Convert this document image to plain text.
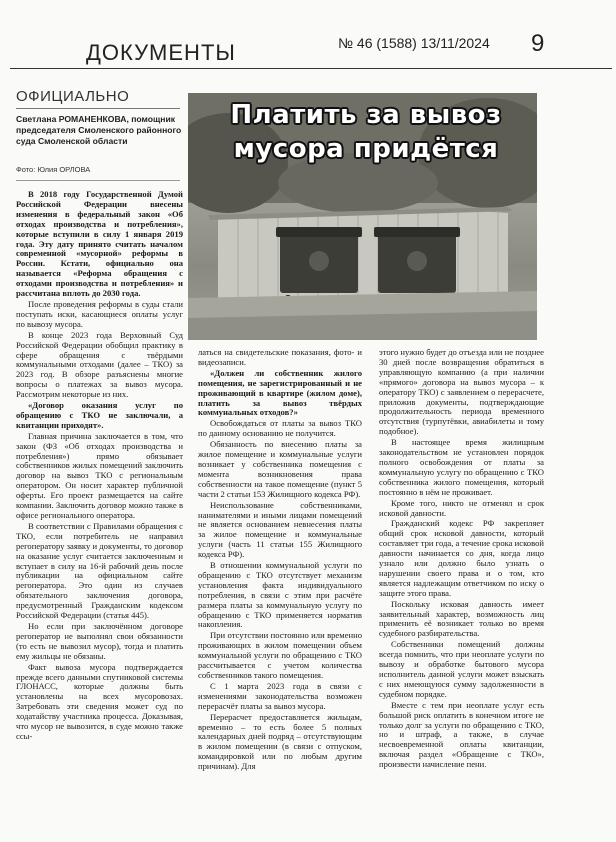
ДОКУМЕНТЫ	№ 46 (1588) 13/11/2024 9
ОФИЦИАЛЬНО
Светлана РОМАНЕНКОВА, помощник председателя Смоленского районного суда Смоленской области
Фото: Юлия ОРЛОВА
Платить за вывоз мусора придётся

В 2018 году Государственной Думой Российской Федерации внесены изменения в федеральный закон «Об отходах производства и потребления», которые вступили в силу 1 января 2019 года. Эту дату принято считать началом современной «мусорной» реформы в России. Кстати, официально она называется «Реформа обращения с отходами производства и потребления» и рассчитана вплоть до 2030 года.

После проведения реформы в суды стали поступать иски, касающиеся оплаты услуг по вывозу мусора.

В конце 2023 года Верховный Суд Российской Федерации обобщил практику в сфере обращения с твёрдыми коммунальными отходами (далее – ТКО) за 2023 год. В обзоре разъяснены многие вопросы о платежах за вывоз мусора. Рассмотрим некоторые из них.

«Договор оказания услуг по обращению с ТКО не заключали, а квитанции приходят».

Главная причина заключается в том, что закон (ФЗ «Об отходах производства и потребления») прямо обязывает собственников жилых помещений заключить договор на вывоз ТКО с региональным оператором. Он носит характер публичной оферты. Его проект размещается на сайте компании. Заключить договор можно также в офисе регионального оператора.

В соответствии с Правилами обращения с ТКО, если потребитель не направил регоператору заявку и документы, то договор на оказание услуг считается заключенным и вступает в силу на 16-й рабочий день после публикации на официальном сайте регоператора. Это один из случаев обязательного заключения договора, предусмотренный Гражданским кодексом Российской Федерации (статья 445).

Но если при заключённом договоре регоператор не выполнял свои обязанности (то есть не вывозил мусор), тогда и платить ему жильцы не обязаны.

Факт вывоза мусора подтверждается прежде всего данными спутниковой системы ГЛОНАСС, которые должны быть установлены на всех мусоровозах. Затребовать эти сведения может суд по ходатайству участника процесса. Доказывая, что мусор не вывозится, в суде можно также ссы-

латься на свидетельские показания, фото- и видеозаписи.

«Должен ли собственник жилого помещения, не зарегистрированный и не проживающий в квартире (жилом доме), платить за вывоз твёрдых коммунальных отходов?»

Освобождаться от платы за вывоз ТКО по данному основанию не получится.

Обязанность по внесению платы за жилое помещение и коммунальные услуги возникает у собственника помещения с момента возникновения права собственности на такое помещение (пункт 5 части 2 статьи 153 Жилищного кодекса РФ).

Неиспользование собственниками, нанимателями и иными лицами помещений не является основанием невнесения платы за жилое помещение и коммунальные услуги (часть 11 статьи 155 Жилищного кодекса РФ).

В отношении коммунальной услуги по обращению с ТКО отсутствует механизм установления факта индивидуального потребления, в связи с этим при расчёте размера платы за коммунальную услугу по обращению с ТКО применяется норматив накопления.

При отсутствии постоянно или временно проживающих в жилом помещении объем коммунальной услуги по обращению с ТКО рассчитывается с учетом количества собственников такого помещения.

С 1 марта 2023 года в связи с изменениями законодательства возможен перерасчёт платы за вывоз мусора.

Перерасчет предоставляется жильцам, временно – то есть более 5 полных календарных дней подряд – отсутствующим в жилом помещении (в связи с отпуском, командировкой или по любым другим причинам). Для

этого нужно будет до отъезда или не позднее 30 дней после возвращения обратиться в управляющую компанию (а при наличии «прямого» договора на вывоз мусора – к оператору ТКО) с заявлением о перерасчете, приложив документы, подтверждающие продолжительность периода временного отсутствия (турпутёвки, авиабилеты и тому подобное).

В настоящее время жилищным законодательством не установлен порядок полного освобождения от платы за коммунальную услугу по обращению с ТКО собственника жилого помещения, который постоянно в нём не проживает.

Кроме того, никто не отменял и срок исковой давности.

Гражданский кодекс РФ закрепляет общий срок исковой давности, который составляет три года, а течение срока исковой давности начинается со дня, когда лицо узнало или должно было узнать о нарушении своего права и о том, кто является надлежащим ответчиком по иску о защите этого права.

Поскольку исковая давность имеет заявительный характер, возможность лиц применить её возникает только во время судебного разбирательства.

Собственники помещений должны всегда помнить, что при неоплате услуги по вывозу и обработке бытового мусора исполнитель данной услуги может взыскать с них имеющуюся сумму задолженности в судебном порядке.

Вместе с тем при неоплате услуг есть большой риск оплатить в конечном итоге не только долг за услуги по обращению с ТКО, но и штраф, а также, в случае несвоевременной оплаты квитанции, включая раздел «Обращение с ТКО», произвести начисление пени.
